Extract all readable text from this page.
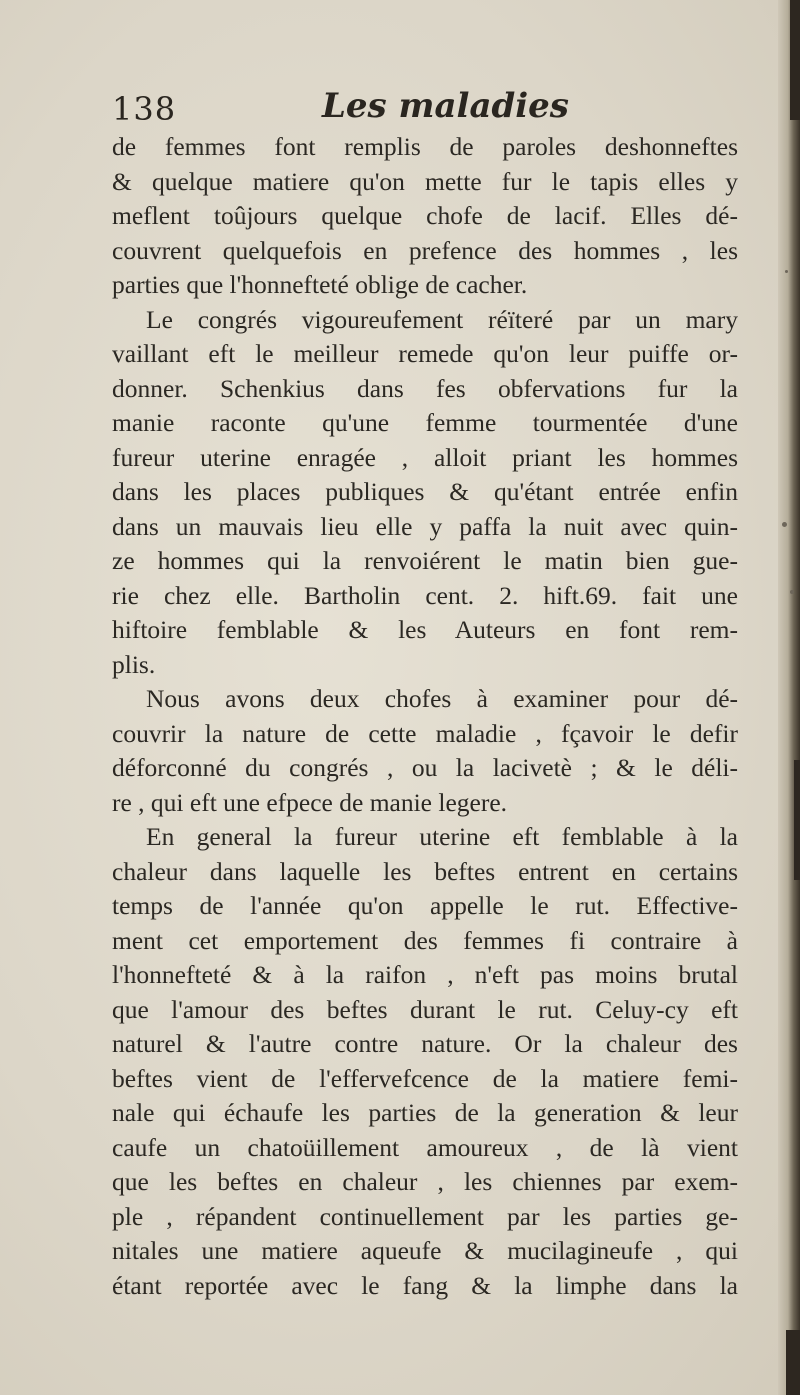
138	Les maladies
de femmes font remplis de paroles deshonneftes
& quelque matiere qu'on mette fur le tapis elles y
meflent toûjours quelque chofe de lacif. Elles dé-
couvrent quelquefois en prefence des hommes , les
parties que l'honnefteté oblige de cacher.
Le congrés vigoureufement réïteré par un mary
vaillant eft le meilleur remede qu'on leur puiffe or-
donner. Schenkius dans fes obfervations fur la
manie raconte qu'une femme tourmentée d'une
fureur uterine enragée , alloit priant les hommes
dans les places publiques & qu'étant entrée enfin
dans un mauvais lieu elle y paffa la nuit avec quin-
ze hommes qui la renvoiérent le matin bien gue-
rie chez elle. Bartholin cent. 2. hift.69. fait une
hiftoire femblable & les Auteurs en font rem-
plis.
Nous avons deux chofes à examiner pour dé-
couvrir la nature de cette maladie , fçavoir le defir
déforconné du congrés , ou la lacivetè ; & le déli-
re , qui eft une efpece de manie legere.
En general la fureur uterine eft femblable à la
chaleur dans laquelle les beftes entrent en certains
temps de l'année qu'on appelle le rut. Effective-
ment cet emportement des femmes fi contraire à
l'honnefteté & à la raifon , n'eft pas moins brutal
que l'amour des beftes durant le rut. Celuy-cy eft
naturel & l'autre contre nature. Or la chaleur des
beftes vient de l'effervefcence de la matiere femi-
nale qui échaufe les parties de la generation & leur
caufe un chatoüillement amoureux , de là vient
que les beftes en chaleur , les chiennes par exem-
ple , répandent continuellement par les parties ge-
nitales une matiere aqueufe & mucilagineufe , qui
étant reportée avec le fang & la limphe dans la
